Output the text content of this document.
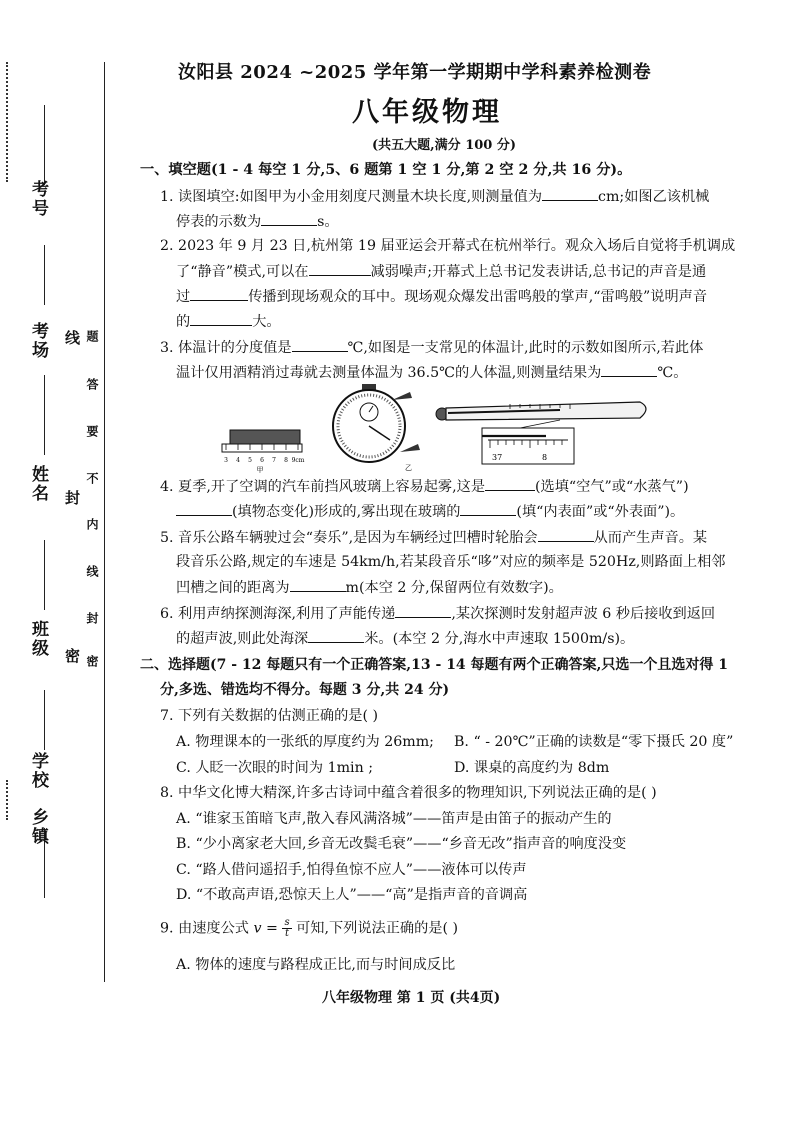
考号
考场
姓名
班级
学校
乡镇
线
封
密
题
答
要
不
内
线
封
密
汝阳县 2024 ~2025 学年第一学期期中学科素养检测卷
八年级物理
(共五大题,满分 100 分)
一、填空题(1 - 4 每空 1 分,5、6 题第 1 空 1 分,第 2 空 2 分,共 16 分)。
1. 读图填空:如图甲为小金用刻度尺测量木块长度,则测量值为	cm;如图乙该机械
停表的示数为	s。
2. 2023 年 9 月 23 日,杭州第 19 届亚运会开幕式在杭州举行。观众入场后自觉将手机调成
了“静音”模式,可以在	减弱噪声;开幕式上总书记发表讲话,总书记的声音是通
过	传播到现场观众的耳中。现场观众爆发出雷鸣般的掌声,“雷鸣般”说明声音
的	大。
3. 体温计的分度值是	℃,如图是一支常见的体温计,此时的示数如图所示,若此体
温计仅用酒精消过毒就去测量体温为 36.5℃的人体温,则测量结果为	℃。
3 4 5 6 7 8 9cm
甲	乙
37	8
4. 夏季,开了空调的汽车前挡风玻璃上容易起雾,这是	(选填“空气”或“水蒸气”)
(填物态变化)形成的,雾出现在玻璃的	(填“内表面”或“外表面”)。
5. 音乐公路车辆驶过会“奏乐”,是因为车辆经过凹槽时轮胎会	从而产生声音。某
段音乐公路,规定的车速是 54km/h,若某段音乐“哆”对应的频率是 520Hz,则路面上相邻
凹槽之间的距离为	m(本空 2 分,保留两位有效数字)。
6. 利用声纳探测海深,利用了声能传递	,某次探测时发射超声波 6 秒后接收到返回
的超声波,则此处海深	米。(本空 2 分,海水中声速取 1500m/s)。
二、选择题(7 - 12 每题只有一个正确答案,13 - 14 每题有两个正确答案,只选一个且选对得 1
分,多选、错选均不得分。每题 3 分,共 24 分)
7. 下列有关数据的估测正确的是( )
A. 物理课本的一张纸的厚度约为 26mm; B. “ - 20℃”正确的读数是“零下摄氏 20 度”
C. 人眨一次眼的时间为 1min ;	D. 课桌的高度约为 8dm
8. 中华文化博大精深,许多古诗词中蕴含着很多的物理知识,下列说法正确的是( )
A. “谁家玉笛暗飞声,散入春风满洛城”——笛声是由笛子的振动产生的
B. “少小离家老大回,乡音无改鬓毛衰”——“乡音无改”指声音的响度没变
C. “路人借问遥招手,怕得鱼惊不应人”——液体可以传声
D. “不敢高声语,恐惊天上人”——“高”是指声音的音调高
9. 由速度公式 $v = \frac{s}{t}$ 可知,下列说法正确的是( )
A. 物体的速度与路程成正比,而与时间成反比
八年级物理 第 1 页 (共4页)
